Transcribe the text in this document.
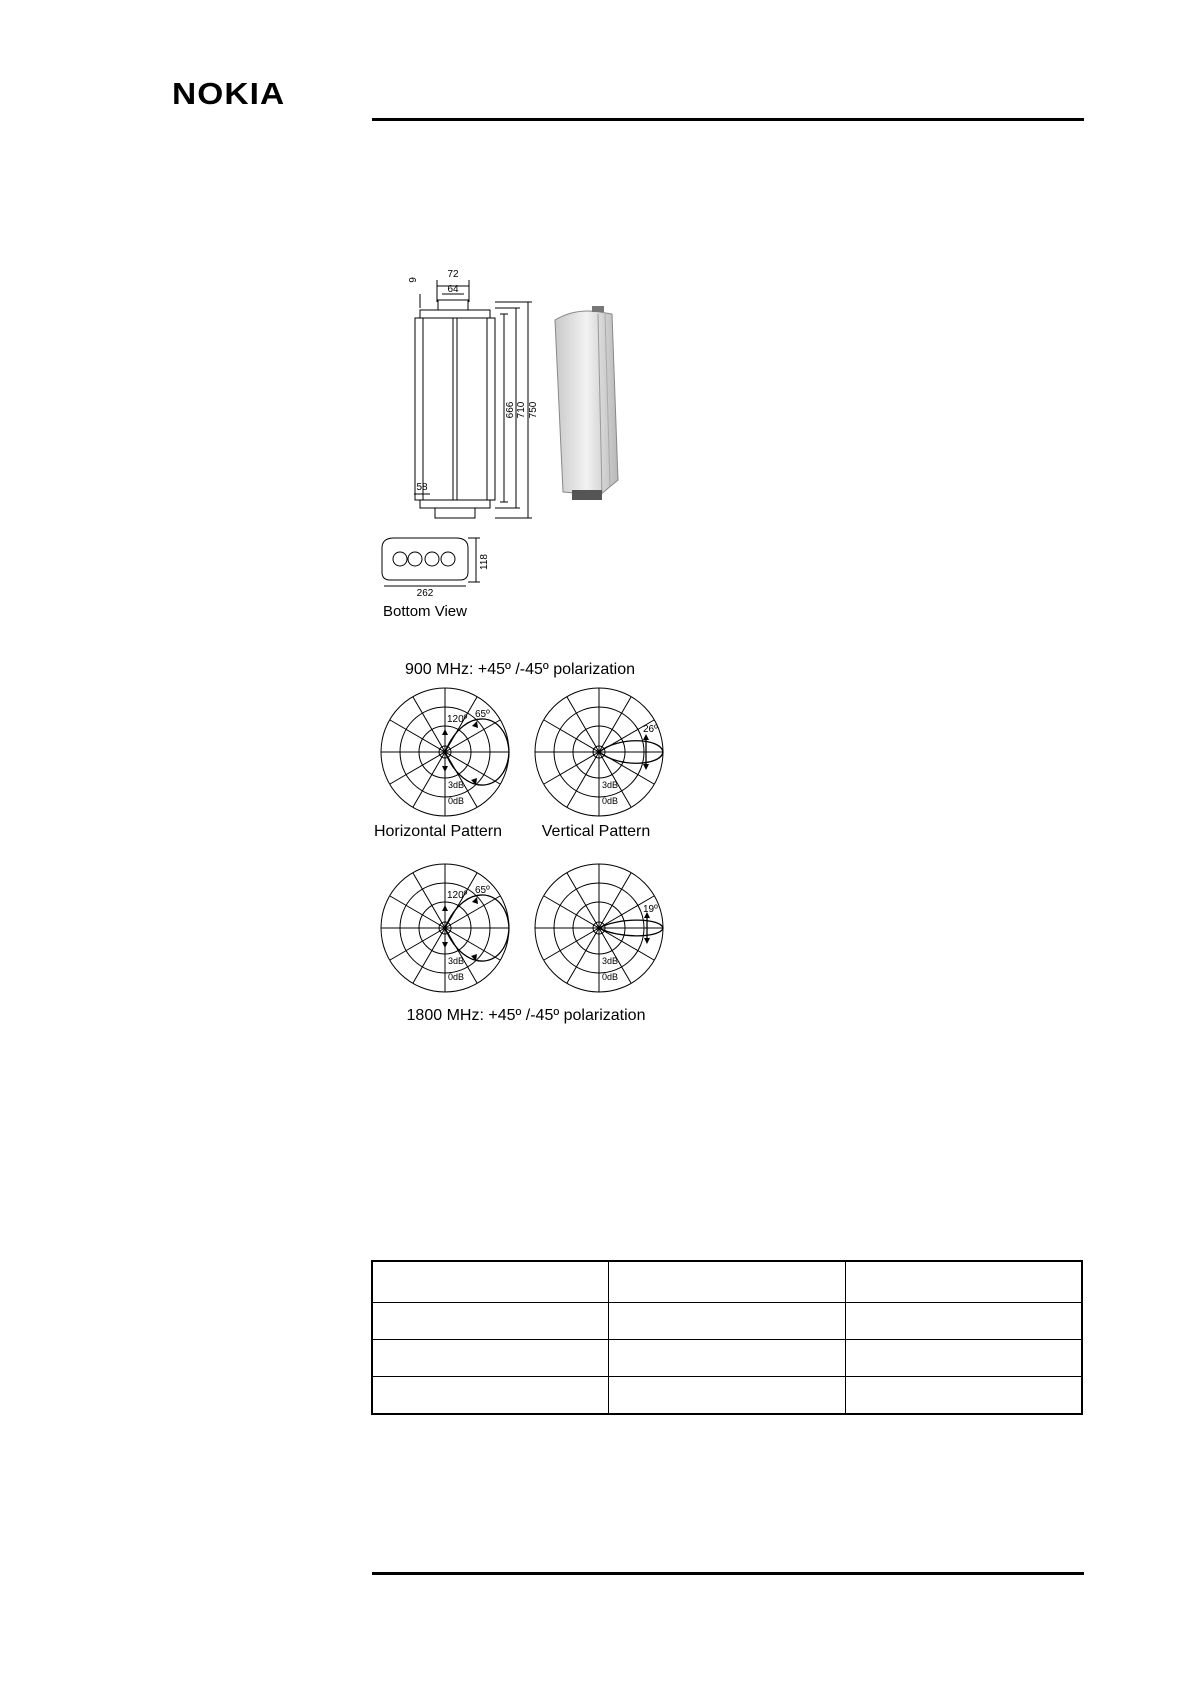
NOKIA
72
64
9
666 710 750
58
118
262
Bottom View
900 MHz: +45º /-45º polarization
120º 65º
3dB
0dB
26º
3dB
0dB
Horizontal Pattern Vertical Pattern
120º 65º
3dB
0dB
19º
3dB
0dB
1800 MHz: +45º /-45º polarization
